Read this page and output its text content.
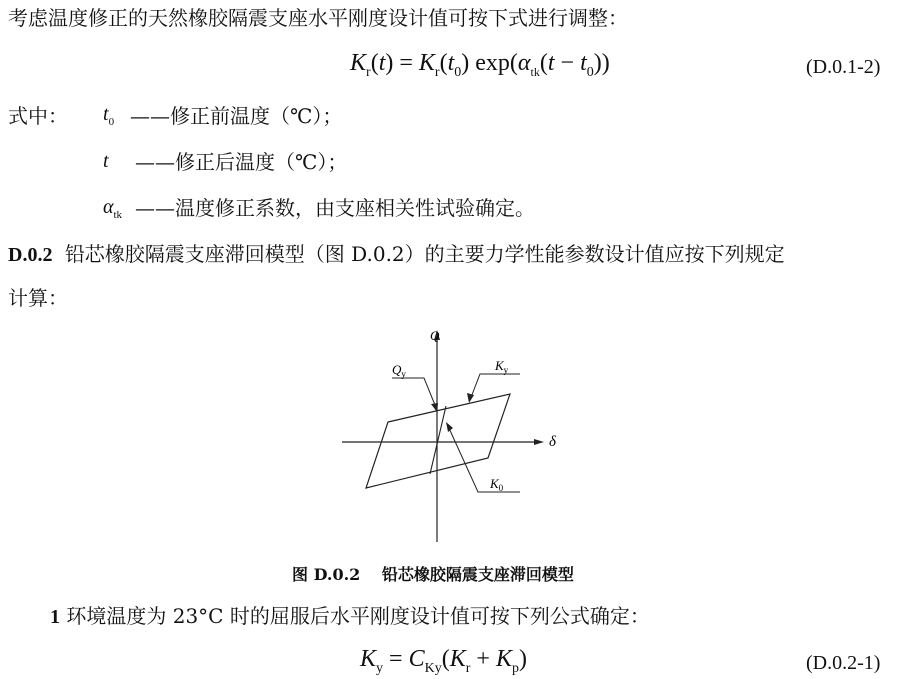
考虑温度修正的天然橡胶隔震支座水平刚度设计值可按下式进行调整：
$K_r(t) = K_r(t_0) \exp(\alpha_{tk}(t - t_0))$	(D.0.1-2)
式中： $t_0$ ——修正前温度（℃）；
t ——修正后温度（℃）；
$\alpha_{tk}$ ——温度修正系数，由支座相关性试验确定。
D.0.2 铅芯橡胶隔震支座滞回模型（图 D.0.2）的主要力学性能参数设计值应按下列规定
计算：
Q
δ
$Q_y$
$K_y$
$K_0$
图 D.0.2 铅芯橡胶隔震支座滞回模型
1 环境温度为 23°C 时的屈服后水平刚度设计值可按下列公式确定：
$K_y = C_{Ky}(K_r + K_p)$	(D.0.2-1)
